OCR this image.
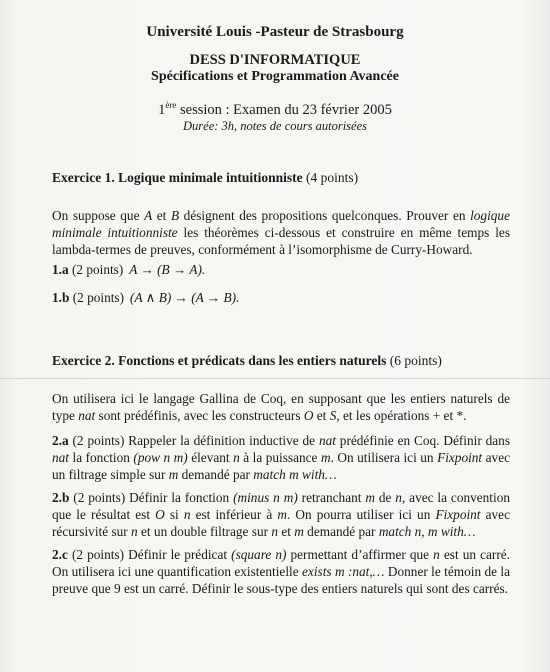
Université Louis -Pasteur de Strasbourg
DESS D'INFORMATIQUE
Spécifications et Programmation Avancée
1ère session : Examen du 23 février 2005
Durée: 3h, notes de cours autorisées
Exercice 1. Logique minimale intuitionniste (4 points)
On suppose que A et B désignent des propositions quelconques. Prouver en logique minimale intuitionniste les théorèmes ci-dessous et construire en même temps les lambda-termes de preuves, conformément à l’isomorphisme de Curry-Howard.
1.a (2 points) A → (B → A).
1.b (2 points) (A ∧ B) → (A → B).
Exercice 2. Fonctions et prédicats dans les entiers naturels (6 points)
On utilisera ici le langage Gallina de Coq, en supposant que les entiers naturels de type nat sont prédéfinis, avec les constructeurs O et S, et les opérations + et *.
2.a (2 points) Rappeler la définition inductive de nat prédéfinie en Coq. Définir dans nat la fonction (pow n m) élevant n à la puissance m. On utilisera ici un Fixpoint avec un filtrage simple sur m demandé par match m with…
2.b (2 points) Définir la fonction (minus n m) retranchant m de n, avec la convention que le résultat est O si n est inférieur à m. On pourra utiliser ici un Fixpoint avec récursivité sur n et un double filtrage sur n et m demandé par match n, m with…
2.c (2 points) Définir le prédicat (square n) permettant d’affirmer que n est un carré. On utilisera ici une quantification existentielle exists m :nat,… Donner le témoin de la preuve que 9 est un carré. Définir le sous-type des entiers naturels qui sont des carrés.
